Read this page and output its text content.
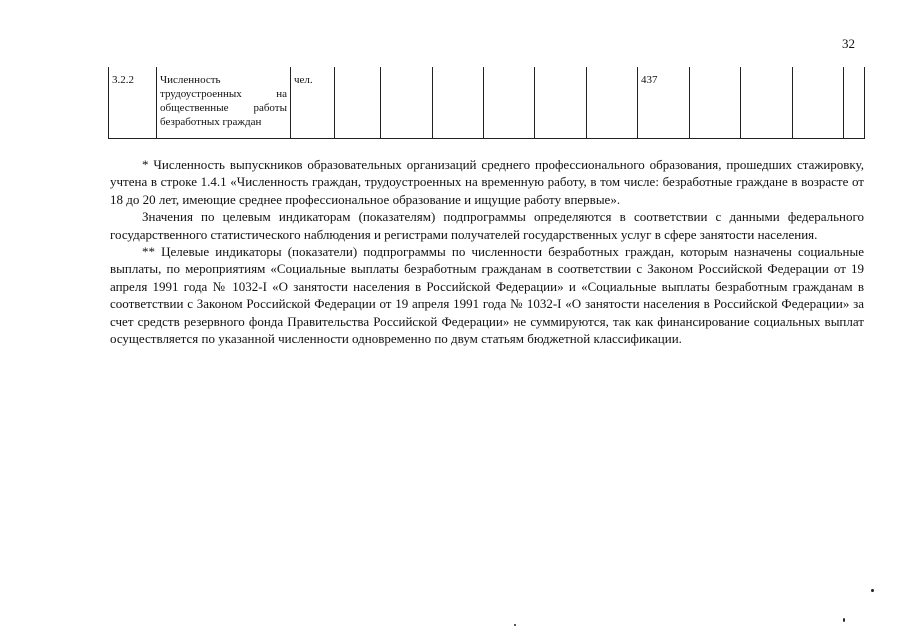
32
3.2.2	Численность трудоустроенных на общественные работы безработных граждан	чел.							437				

* Численность выпускников образовательных организаций среднего профессионального образования, прошедших стажировку, учтена в строке 1.4.1 «Численность граждан, трудоустроенных на временную работу, в том числе: безработные граждане в возрасте от 18 до 20 лет, имеющие среднее профессиональное образование и ищущие работу впервые».

Значения по целевым индикаторам (показателям) подпрограммы определяются в соответствии с данными федерального государственного статистического наблюдения и регистрами получателей государственных услуг в сфере занятости населения.

** Целевые индикаторы (показатели) подпрограммы по численности безработных граждан, которым назначены социальные выплаты, по мероприятиям «Социальные выплаты безработным гражданам в соответствии с Законом Российской Федерации от 19 апреля 1991 года № 1032-I «О занятости населения в Российской Федерации» и «Социальные выплаты безработным гражданам в соответствии с Законом Российской Федерации от 19 апреля 1991 года № 1032-I «О занятости населения в Российской Федерации» за счет средств резервного фонда Правительства Российской Федерации» не суммируются, так как финансирование социальных выплат осуществляется по указанной численности одновременно по двум статьям бюджетной классификации.
